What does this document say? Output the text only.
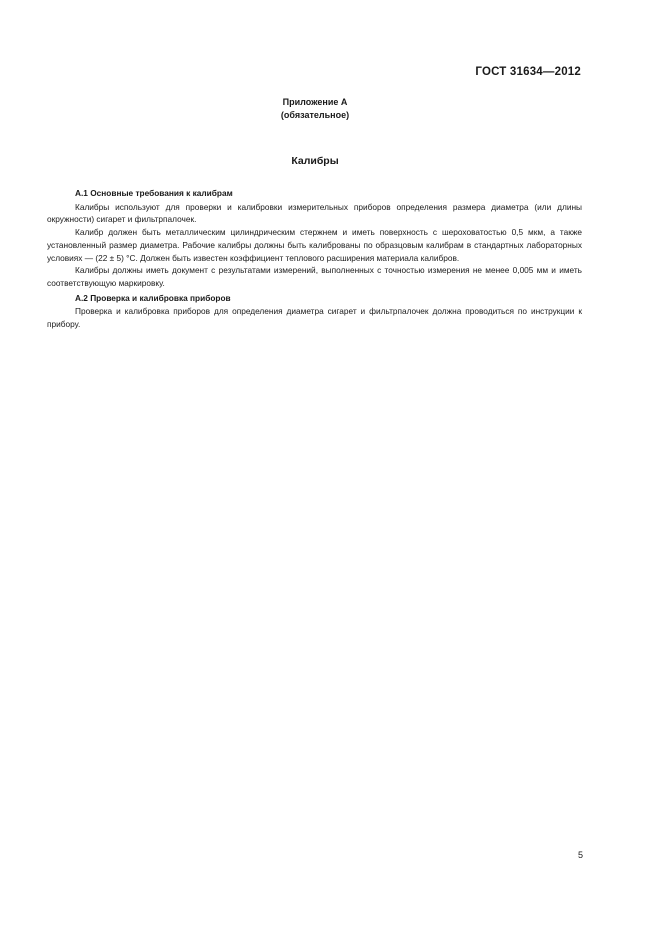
ГОСТ 31634—2012
Приложение А
(обязательное)
Калибры
А.1 Основные требования к калибрам

Калибры используют для проверки и калибровки измерительных приборов определения размера диаметра (или длины окружности) сигарет и фильтрпалочек.

Калибр должен быть металлическим цилиндрическим стержнем и иметь поверхность с шероховатостью 0,5 мкм, а также установленный размер диаметра. Рабочие калибры должны быть калиброваны по образцовым калибрам в стандартных лабораторных условиях — (22 ± 5) °С. Должен быть известен коэффициент теплового расширения материала калибров.

Калибры должны иметь документ с результатами измерений, выполненных с точностью измерения не менее 0,005 мм и иметь соответствующую маркировку.

А.2 Проверка и калибровка приборов

Проверка и калибровка приборов для определения диаметра сигарет и фильтрпалочек должна проводиться по инструкции к прибору.

5
